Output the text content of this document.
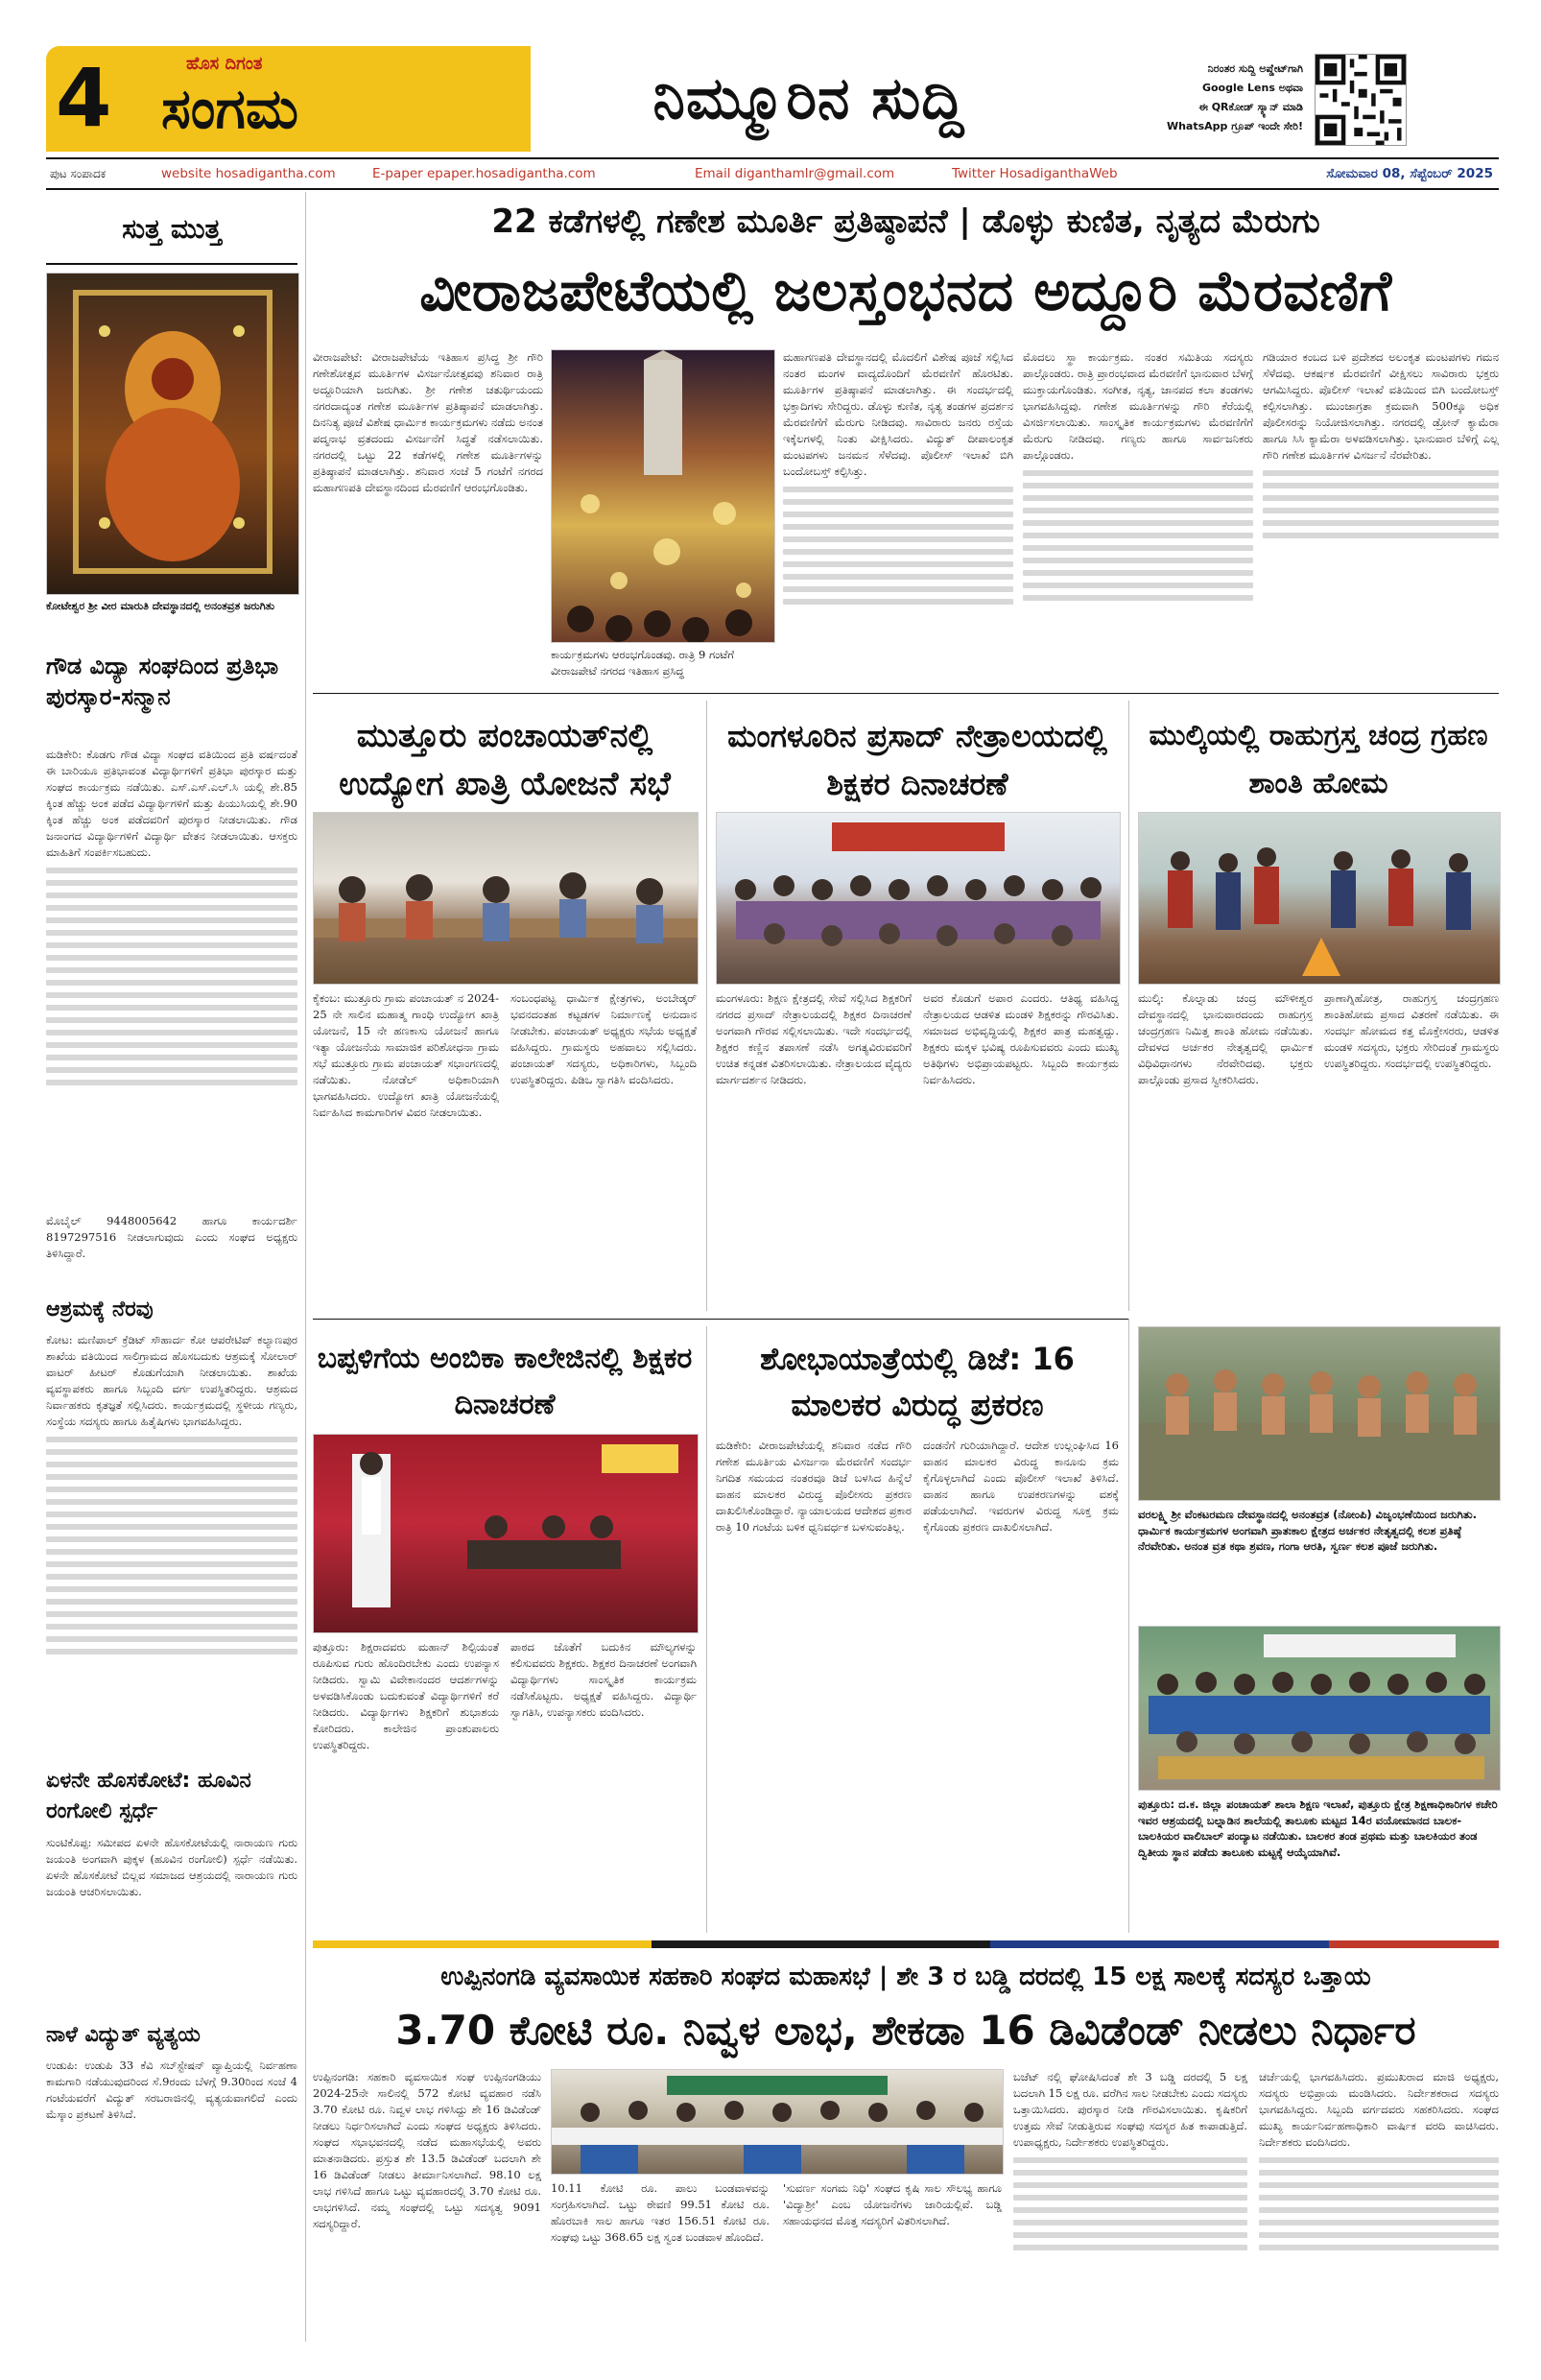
4	ಹೊಸ ದಿಗಂತ
ಸಂಗಮ	ನಿಮ್ಮೂರಿನ ಸುದ್ದಿ	ನಿರಂತರ ಸುದ್ದಿ ಅಪ್ಡೇಟ್‌ಗಾಗಿ
Google Lens ಅಥವಾ
ಈ QRಕೋಡ್ ಸ್ಕ್ಯಾನ್ ಮಾಡಿ
WhatsApp ಗ್ರೂಪ್ ಇಂದೇ ಸೇರಿ!
ಪುಟ ಸಂಪಾದಕ	website hosadigantha.com	E-paper epaper.hosadigantha.com	Email diganthamlr@gmail.com	Twitter HosadiganthaWeb	ಸೋಮವಾರ 08, ಸೆಪ್ಟೆಂಬರ್ 2025
ಸುತ್ತ ಮುತ್ತ
ಕೋಟೇಶ್ವರ ಶ್ರೀ ವೀರ ಮಾರುತಿ ದೇವಸ್ಥಾನದಲ್ಲಿ ಅನಂತವ್ರತ ಜರುಗಿತು
ಗೌಡ ವಿದ್ಯಾ ಸಂಘದಿಂದ ಪ್ರತಿಭಾ ಪುರಸ್ಕಾರ-ಸನ್ಮಾನ
ಮಡಿಕೇರಿ: ಕೊಡಗು ಗೌಡ ವಿದ್ಯಾ ಸಂಘದ ವತಿಯಿಂದ ಪ್ರತಿ ವರ್ಷದಂತೆ ಈ ಬಾರಿಯೂ ಪ್ರತಿಭಾವಂತ ವಿದ್ಯಾರ್ಥಿಗಳಿಗೆ ಪ್ರತಿಭಾ ಪುರಸ್ಕಾರ ಮತ್ತು ಸಂಘದ ಕಾರ್ಯಕ್ರಮ ನಡೆಯಿತು. ಎಸ್.ಎಸ್.ಎಲ್.ಸಿ ಯಲ್ಲಿ ಶೇ.85 ಕ್ಕಿಂತ ಹೆಚ್ಚು ಅಂಕ ಪಡೆದ ವಿದ್ಯಾರ್ಥಿಗಳಿಗೆ ಮತ್ತು ಪಿಯುಸಿಯಲ್ಲಿ ಶೇ.90 ಕ್ಕಿಂತ ಹೆಚ್ಚು ಅಂಕ ಪಡೆದವರಿಗೆ ಪುರಸ್ಕಾರ ನೀಡಲಾಯಿತು. ಗೌಡ ಜನಾಂಗದ ವಿದ್ಯಾರ್ಥಿಗಳಿಗೆ ವಿದ್ಯಾರ್ಥಿ ವೇತನ ನೀಡಲಾಯಿತು. ಆಸಕ್ತರು ಮಾಹಿತಿಗೆ ಸಂಪರ್ಕಿಸಬಹುದು.
ಮೊಬೈಲ್ 9448005642 ಹಾಗೂ ಕಾರ್ಯದರ್ಶಿ 8197297516 ನೀಡಲಾಗುವುದು ಎಂದು ಸಂಘದ ಅಧ್ಯಕ್ಷರು ತಿಳಿಸಿದ್ದಾರೆ.
ಆಶ್ರಮಕ್ಕೆ ನೆರವು
ಕೋಟ: ಮಣಿಪಾಲ್ ಕ್ರೆಡಿಟ್ ಸೌಹಾರ್ದ ಕೋ ಆಪರೇಟಿವ್ ಕಲ್ಯಾಣಪುರ ಶಾಖೆಯ ವತಿಯಿಂದ ಸಾಲಿಗ್ರಾಮದ ಹೊಸಬದುಕು ಆಶ್ರಮಕ್ಕೆ ಸೋಲಾರ್ ವಾಟರ್ ಹೀಟರ್ ಕೊಡುಗೆಯಾಗಿ ನೀಡಲಾಯಿತು. ಶಾಖೆಯ ವ್ಯವಸ್ಥಾಪಕರು ಹಾಗೂ ಸಿಬ್ಬಂದಿ ವರ್ಗ ಉಪಸ್ಥಿತರಿದ್ದರು. ಆಶ್ರಮದ ನಿರ್ವಾಹಕರು ಕೃತಜ್ಞತೆ ಸಲ್ಲಿಸಿದರು. ಕಾರ್ಯಕ್ರಮದಲ್ಲಿ ಸ್ಥಳೀಯ ಗಣ್ಯರು, ಸಂಸ್ಥೆಯ ಸದಸ್ಯರು ಹಾಗೂ ಹಿತೈಷಿಗಳು ಭಾಗವಹಿಸಿದ್ದರು.
ಏಳನೇ ಹೊಸಕೋಟೆ: ಹೂವಿನ ರಂಗೋಲಿ ಸ್ಪರ್ಧೆ
ಸುಂಟಿಕೊಪ್ಪ: ಸಮೀಪದ ಏಳನೇ ಹೊಸಕೋಟೆಯಲ್ಲಿ ನಾರಾಯಣ ಗುರು ಜಯಂತಿ ಅಂಗವಾಗಿ ಪುಕ್ಕಳ (ಹೂವಿನ ರಂಗೋಲಿ) ಸ್ಪರ್ಧೆ ನಡೆಯಿತು. ಏಳನೇ ಹೊಸಕೋಟೆ ಬಿಲ್ಲವ ಸಮಾಜದ ಆಶ್ರಯದಲ್ಲಿ ನಾರಾಯಣ ಗುರು ಜಯಂತಿ ಆಚರಿಸಲಾಯಿತು.
ನಾಳೆ ವಿದ್ಯುತ್ ವ್ಯತ್ಯಯ
ಉಡುಪಿ: ಉಡುಪಿ 33 ಕೆವಿ ಸಬ್‌ಸ್ಟೇಷನ್ ವ್ಯಾಪ್ತಿಯಲ್ಲಿ ನಿರ್ವಹಣಾ ಕಾಮಗಾರಿ ನಡೆಯುವುದರಿಂದ ಸೆ.9ರಂದು ಬೆಳಗ್ಗೆ 9.30ರಿಂದ ಸಂಜೆ 4 ಗಂಟೆಯವರೆಗೆ ವಿದ್ಯುತ್ ಸರಬರಾಜಿನಲ್ಲಿ ವ್ಯತ್ಯಯವಾಗಲಿದೆ ಎಂದು ಮೆಸ್ಕಾಂ ಪ್ರಕಟಣೆ ತಿಳಿಸಿದೆ.
22 ಕಡೆಗಳಲ್ಲಿ ಗಣೇಶ ಮೂರ್ತಿ ಪ್ರತಿಷ್ಠಾಪನೆ | ಡೊಳ್ಳು ಕುಣಿತ, ನೃತ್ಯದ ಮೆರುಗು
ವೀರಾಜಪೇಟೆಯಲ್ಲಿ ಜಲಸ್ತಂಭನದ ಅದ್ದೂರಿ ಮೆರವಣಿಗೆ
ವೀರಾಜಪೇಟೆ: ವೀರಾಜಪೇಟೆಯ ಇತಿಹಾಸ ಪ್ರಸಿದ್ಧ ಶ್ರೀ ಗೌರಿ ಗಣೇಶೋತ್ಸವ ಮೂರ್ತಿಗಳ ವಿಸರ್ಜನೋತ್ಸವವು ಶನಿವಾರ ರಾತ್ರಿ ಅದ್ದೂರಿಯಾಗಿ ಜರುಗಿತು. ಶ್ರೀ ಗಣೇಶ ಚತುರ್ಥಿಯಂದು ನಗರದಾದ್ಯಂತ ಗಣೇಶ ಮೂರ್ತಿಗಳ ಪ್ರತಿಷ್ಠಾಪನೆ ಮಾಡಲಾಗಿತ್ತು. ದಿನನಿತ್ಯ ಪೂಜೆ ವಿಶೇಷ ಧಾರ್ಮಿಕ ಕಾರ್ಯಕ್ರಮಗಳು ನಡೆದು ಅನಂತ ಪದ್ಮನಾಭ ವ್ರತದಂದು ವಿಸರ್ಜನೆಗೆ ಸಿದ್ಧತೆ ನಡೆಸಲಾಯಿತು. ನಗರದಲ್ಲಿ ಒಟ್ಟು 22 ಕಡೆಗಳಲ್ಲಿ ಗಣೇಶ ಮೂರ್ತಿಗಳನ್ನು ಪ್ರತಿಷ್ಠಾಪನೆ ಮಾಡಲಾಗಿತ್ತು. ಶನಿವಾರ ಸಂಜೆ 5 ಗಂಟೆಗೆ ನಗರದ ಮಹಾಗಣಪತಿ ದೇವಸ್ಥಾನದಿಂದ ಮೆರವಣಿಗೆ ಆರಂಭಗೊಂಡಿತು.
ಕಾರ್ಯಕ್ರಮಗಳು ಆರಂಭಗೊಂಡವು. ರಾತ್ರಿ 9 ಗಂಟೆಗೆ ವೀರಾಜಪೇಟೆ ನಗರದ ಇತಿಹಾಸ ಪ್ರಸಿದ್ಧ
ಮಹಾಗಣಪತಿ ದೇವಸ್ಥಾನದಲ್ಲಿ ಮೊದಲಿಗೆ ವಿಶೇಷ ಪೂಜೆ ಸಲ್ಲಿಸಿದ ನಂತರ ಮಂಗಳ ವಾದ್ಯದೊಂದಿಗೆ ಮೆರವಣಿಗೆ ಹೊರಟಿತು. ಮೂರ್ತಿಗಳ ಪ್ರತಿಷ್ಠಾಪನೆ ಮಾಡಲಾಗಿತ್ತು. ಈ ಸಂದರ್ಭದಲ್ಲಿ ಭಕ್ತಾದಿಗಳು ಸೇರಿದ್ದರು. ಡೊಳ್ಳು ಕುಣಿತ, ನೃತ್ಯ ತಂಡಗಳ ಪ್ರದರ್ಶನ ಮೆರವಣಿಗೆಗೆ ಮೆರುಗು ನೀಡಿದವು. ಸಾವಿರಾರು ಜನರು ರಸ್ತೆಯ ಇಕ್ಕೆಲಗಳಲ್ಲಿ ನಿಂತು ವೀಕ್ಷಿಸಿದರು. ವಿದ್ಯುತ್ ದೀಪಾಲಂಕೃತ ಮಂಟಪಗಳು ಜನಮನ ಸೆಳೆದವು. ಪೊಲೀಸ್ ಇಲಾಖೆ ಬಿಗಿ ಬಂದೋಬಸ್ತ್ ಕಲ್ಪಿಸಿತ್ತು.
ಮೊದಲು ಸ್ಥಾ ಕಾರ್ಯಕ್ರಮ. ನಂತರ ಸಮಿತಿಯ ಸದಸ್ಯರು ಪಾಲ್ಗೊಂಡರು. ರಾತ್ರಿ ಪ್ರಾರಂಭವಾದ ಮೆರವಣಿಗೆ ಭಾನುವಾರ ಬೆಳಗ್ಗೆ ಮುಕ್ತಾಯಗೊಂಡಿತು. ಸಂಗೀತ, ನೃತ್ಯ, ಜಾನಪದ ಕಲಾ ತಂಡಗಳು ಭಾಗವಹಿಸಿದ್ದವು. ಗಣೇಶ ಮೂರ್ತಿಗಳನ್ನು ಗೌರಿ ಕೆರೆಯಲ್ಲಿ ವಿಸರ್ಜಿಸಲಾಯಿತು. ಸಾಂಸ್ಕೃತಿಕ ಕಾರ್ಯಕ್ರಮಗಳು ಮೆರವಣಿಗೆಗೆ ಮೆರುಗು ನೀಡಿದವು. ಗಣ್ಯರು ಹಾಗೂ ಸಾರ್ವಜನಿಕರು ಪಾಲ್ಗೊಂಡರು.
ಗಡಿಯಾರ ಕಂಬದ ಬಳಿ ಪ್ರದೇಶದ ಅಲಂಕೃತ ಮಂಟಪಗಳು ಗಮನ ಸೆಳೆದವು. ಆಕರ್ಷಕ ಮೆರವಣಿಗೆ ವೀಕ್ಷಿಸಲು ಸಾವಿರಾರು ಭಕ್ತರು ಆಗಮಿಸಿದ್ದರು. ಪೊಲೀಸ್ ಇಲಾಖೆ ವತಿಯಿಂದ ಬಿಗಿ ಬಂದೋಬಸ್ತ್ ಕಲ್ಪಿಸಲಾಗಿತ್ತು. ಮುಂಜಾಗ್ರತಾ ಕ್ರಮವಾಗಿ 500ಕ್ಕೂ ಅಧಿಕ ಪೊಲೀಸರನ್ನು ನಿಯೋಜಿಸಲಾಗಿತ್ತು. ನಗರದಲ್ಲಿ ಡ್ರೋನ್ ಕ್ಯಾಮೆರಾ ಹಾಗೂ ಸಿಸಿ ಕ್ಯಾಮೆರಾ ಅಳವಡಿಸಲಾಗಿತ್ತು. ಭಾನುವಾರ ಬೆಳಿಗ್ಗೆ ಎಲ್ಲ ಗೌರಿ ಗಣೇಶ ಮೂರ್ತಿಗಳ ವಿಸರ್ಜನೆ ನೆರವೇರಿತು.
ಮುತ್ತೂರು ಪಂಚಾಯತ್‌ನಲ್ಲಿ ಉದ್ಯೋಗ ಖಾತ್ರಿ ಯೋಜನೆ ಸಭೆ
ಕೈಕಂಬ: ಮುತ್ತೂರು ಗ್ರಾಮ ಪಂಚಾಯತ್ ನ 2024-25 ನೇ ಸಾಲಿನ ಮಹಾತ್ಮ ಗಾಂಧಿ ಉದ್ಯೋಗ ಖಾತ್ರಿ ಯೋಜನೆ, 15 ನೇ ಹಣಕಾಸು ಯೋಜನೆ ಹಾಗೂ ಇತ್ಯಾ ಯೋಜನೆಯ ಸಾಮಾಜಿಕ ಪರಿಶೋಧನಾ ಗ್ರಾಮ ಸಭೆ ಮುತ್ತೂರು ಗ್ರಾಮ ಪಂಚಾಯತ್ ಸಭಾಂಗಣದಲ್ಲಿ ನಡೆಯಿತು. ನೋಡೆಲ್ ಅಧಿಕಾರಿಯಾಗಿ ಭಾಗವಹಿಸಿದರು. ಉದ್ಯೋಗ ಖಾತ್ರಿ ಯೋಜನೆಯಲ್ಲಿ ನಿರ್ವಹಿಸಿದ ಕಾಮಗಾರಿಗಳ ವಿವರ ನೀಡಲಾಯಿತು.
ಸಂಬಂಧಪಟ್ಟ ಧಾರ್ಮಿಕ ಕ್ಷೇತ್ರಗಳು, ಅಂಬೇಡ್ಕರ್ ಭವನದಂತಹ ಕಟ್ಟಡಗಳ ನಿರ್ಮಾಣಕ್ಕೆ ಅನುದಾನ ನೀಡಬೇಕು. ಪಂಚಾಯತ್ ಅಧ್ಯಕ್ಷರು ಸಭೆಯ ಅಧ್ಯಕ್ಷತೆ ವಹಿಸಿದ್ದರು. ಗ್ರಾಮಸ್ಥರು ಅಹವಾಲು ಸಲ್ಲಿಸಿದರು. ಪಂಚಾಯತ್ ಸದಸ್ಯರು, ಅಧಿಕಾರಿಗಳು, ಸಿಬ್ಬಂದಿ ಉಪಸ್ಥಿತರಿದ್ದರು. ಪಿಡಿಒ ಸ್ವಾಗತಿಸಿ ವಂದಿಸಿದರು.
ಮಂಗಳೂರಿನ ಪ್ರಸಾದ್ ನೇತ್ರಾಲಯದಲ್ಲಿ ಶಿಕ್ಷಕರ ದಿನಾಚರಣೆ
ಮಂಗಳೂರು: ಶಿಕ್ಷಣ ಕ್ಷೇತ್ರದಲ್ಲಿ ಸೇವೆ ಸಲ್ಲಿಸಿದ ಶಿಕ್ಷಕರಿಗೆ ನಗರದ ಪ್ರಸಾದ್ ನೇತ್ರಾಲಯದಲ್ಲಿ ಶಿಕ್ಷಕರ ದಿನಾಚರಣೆ ಅಂಗವಾಗಿ ಗೌರವ ಸಲ್ಲಿಸಲಾಯಿತು. ಇದೇ ಸಂದರ್ಭದಲ್ಲಿ ಶಿಕ್ಷಕರ ಕಣ್ಣಿನ ತಪಾಸಣೆ ನಡೆಸಿ ಅಗತ್ಯವಿರುವವರಿಗೆ ಉಚಿತ ಕನ್ನಡಕ ವಿತರಿಸಲಾಯಿತು. ನೇತ್ರಾಲಯದ ವೈದ್ಯರು ಮಾರ್ಗದರ್ಶನ ನೀಡಿದರು.
ಅವರ ಕೊಡುಗೆ ಅಪಾರ ಎಂದರು. ಆತಿಥ್ಯ ವಹಿಸಿದ್ದ ನೇತ್ರಾಲಯದ ಆಡಳಿತ ಮಂಡಳಿ ಶಿಕ್ಷಕರನ್ನು ಗೌರವಿಸಿತು. ಸಮಾಜದ ಅಭಿವೃದ್ಧಿಯಲ್ಲಿ ಶಿಕ್ಷಕರ ಪಾತ್ರ ಮಹತ್ವದ್ದು. ಶಿಕ್ಷಕರು ಮಕ್ಕಳ ಭವಿಷ್ಯ ರೂಪಿಸುವವರು ಎಂದು ಮುಖ್ಯ ಅತಿಥಿಗಳು ಅಭಿಪ್ರಾಯಪಟ್ಟರು. ಸಿಬ್ಬಂದಿ ಕಾರ್ಯಕ್ರಮ ನಿರ್ವಹಿಸಿದರು.
ಮುಲ್ಕಿಯಲ್ಲಿ ರಾಹುಗ್ರಸ್ತ ಚಂದ್ರ ಗ್ರಹಣ ಶಾಂತಿ ಹೋಮ
ಮುಲ್ಕಿ: ಕೊಲ್ನಾಡು ಚಂದ್ರ ಮೌಳೀಶ್ವರ ದೇವಸ್ಥಾನದಲ್ಲಿ ಭಾನುವಾರದಂದು ರಾಹುಗ್ರಸ್ತ ಚಂದ್ರಗ್ರಹಣ ನಿಮಿತ್ತ ಶಾಂತಿ ಹೋಮ ನಡೆಯಿತು. ದೇವಳದ ಅರ್ಚಕರ ನೇತೃತ್ವದಲ್ಲಿ ಧಾರ್ಮಿಕ ವಿಧಿವಿಧಾನಗಳು ನೆರವೇರಿದವು. ಭಕ್ತರು ಪಾಲ್ಗೊಂಡು ಪ್ರಸಾದ ಸ್ವೀಕರಿಸಿದರು.
ಪ್ರಾಣಾಗ್ನಿಹೋತ್ರ, ರಾಹುಗ್ರಸ್ತ ಚಂದ್ರಗ್ರಹಣ ಶಾಂತಿಹೋಮ ಪ್ರಸಾದ ವಿತರಣೆ ನಡೆಯಿತು. ಈ ಸಂದರ್ಭ ಹೋಮದ ಕತ್ತ ಮೊಕ್ತೇಸರರು, ಆಡಳಿತ ಮಂಡಳಿ ಸದಸ್ಯರು, ಭಕ್ತರು ಸೇರಿದಂತೆ ಗ್ರಾಮಸ್ಥರು ಉಪಸ್ಥಿತರಿದ್ದರು. ಸಂದರ್ಭದಲ್ಲಿ ಉಪಸ್ಥಿತರಿದ್ದರು.
ಬಪ್ಪಳಿಗೆಯ ಅಂಬಿಕಾ ಕಾಲೇಜಿನಲ್ಲಿ ಶಿಕ್ಷಕರ ದಿನಾಚರಣೆ
ಪುತ್ತೂರು: ಶಿಕ್ಷರಾದವರು ಮಹಾನ್ ಶಿಲ್ಪಿಯಂತೆ ರೂಪಿಸುವ ಗುರು ಹೊಂದಿರಬೇಕು ಎಂದು ಉಪನ್ಯಾಸ ನೀಡಿದರು. ಸ್ವಾಮಿ ವಿವೇಕಾನಂದರ ಆದರ್ಶಗಳನ್ನು ಅಳವಡಿಸಿಕೊಂಡು ಬದುಕುವಂತೆ ವಿದ್ಯಾರ್ಥಿಗಳಿಗೆ ಕರೆ ನೀಡಿದರು. ವಿದ್ಯಾರ್ಥಿಗಳು ಶಿಕ್ಷಕರಿಗೆ ಶುಭಾಶಯ ಕೋರಿದರು. ಕಾಲೇಜಿನ ಪ್ರಾಂಶುಪಾಲರು ಉಪಸ್ಥಿತರಿದ್ದರು.
ಪಾಠದ ಜೊತೆಗೆ ಬದುಕಿನ ಮೌಲ್ಯಗಳನ್ನು ಕಲಿಸುವವರು ಶಿಕ್ಷಕರು. ಶಿಕ್ಷಕರ ದಿನಾಚರಣೆ ಅಂಗವಾಗಿ ವಿದ್ಯಾರ್ಥಿಗಳು ಸಾಂಸ್ಕೃತಿಕ ಕಾರ್ಯಕ್ರಮ ನಡೆಸಿಕೊಟ್ಟರು. ಅಧ್ಯಕ್ಷತೆ ವಹಿಸಿದ್ದರು. ವಿದ್ಯಾರ್ಥಿ ಸ್ವಾಗತಿಸಿ, ಉಪನ್ಯಾಸಕರು ವಂದಿಸಿದರು.
ಶೋಭಾಯಾತ್ರೆಯಲ್ಲಿ ಡಿಜೆ: 16 ಮಾಲಕರ ವಿರುದ್ಧ ಪ್ರಕರಣ
ಮಡಿಕೇರಿ: ವೀರಾಜಪೇಟೆಯಲ್ಲಿ ಶನಿವಾರ ನಡೆದ ಗೌರಿ ಗಣೇಶ ಮೂರ್ತಿಯ ವಿಸರ್ಜನಾ ಮೆರವಣಿಗೆ ಸಂದರ್ಭ ನಿಗದಿತ ಸಮಯದ ನಂತರವೂ ಡಿಜೆ ಬಳಸಿದ ಹಿನ್ನೆಲೆ ವಾಹನ ಮಾಲಕರ ವಿರುದ್ಧ ಪೊಲೀಸರು ಪ್ರಕರಣ ದಾಖಲಿಸಿಕೊಂಡಿದ್ದಾರೆ. ನ್ಯಾಯಾಲಯದ ಆದೇಶದ ಪ್ರಕಾರ ರಾತ್ರಿ 10 ಗಂಟೆಯ ಬಳಿಕ ಧ್ವನಿವರ್ಧಕ ಬಳಸುವಂತಿಲ್ಲ.
ದಂಡನೆಗೆ ಗುರಿಯಾಗಿದ್ದಾರೆ. ಆದೇಶ ಉಲ್ಲಂಘಿಸಿದ 16 ವಾಹನ ಮಾಲಕರ ವಿರುದ್ಧ ಕಾನೂನು ಕ್ರಮ ಕೈಗೊಳ್ಳಲಾಗಿದೆ ಎಂದು ಪೊಲೀಸ್ ಇಲಾಖೆ ತಿಳಿಸಿದೆ. ವಾಹನ ಹಾಗೂ ಉಪಕರಣಗಳನ್ನು ವಶಕ್ಕೆ ಪಡೆಯಲಾಗಿದೆ. ಇವರುಗಳ ವಿರುದ್ಧ ಸೂಕ್ತ ಕ್ರಮ ಕೈಗೊಂಡು ಪ್ರಕರಣ ದಾಖಲಿಸಲಾಗಿದೆ.
ವರಲಕ್ಷ್ಮಿ ಶ್ರೀ ವೆಂಕಟರಮಣ ದೇವಸ್ಥಾನದಲ್ಲಿ ಅನಂತವ್ರತ (ನೋಂಪಿ) ವಿಜೃಂಭಣೆಯಿಂದ ಜರುಗಿತು. ಧಾರ್ಮಿಕ ಕಾರ್ಯಕ್ರಮಗಳ ಅಂಗವಾಗಿ ಪ್ರಾತಃಕಾಲ ಕ್ಷೇತ್ರದ ಅರ್ಚಕರ ನೇತೃತ್ವದಲ್ಲಿ ಕಲಶ ಪ್ರತಿಷ್ಠೆ ನೆರವೇರಿತು. ಅನಂತ ವ್ರತ ಕಥಾ ಶ್ರವಣ, ಗಂಗಾ ಆರತಿ, ಸ್ವರ್ಣ ಕಲಶ ಪೂಜೆ ಜರುಗಿತು.
ಪುತ್ತೂರು: ದ.ಕ. ಜಿಲ್ಲಾ ಪಂಚಾಯತ್ ಶಾಲಾ ಶಿಕ್ಷಣ ಇಲಾಖೆ, ಪುತ್ತೂರು ಕ್ಷೇತ್ರ ಶಿಕ್ಷಣಾಧಿಕಾರಿಗಳ ಕಚೇರಿ ಇವರ ಆಶ್ರಯದಲ್ಲಿ ಬಲ್ನಾಡಿನ ಶಾಲೆಯಲ್ಲಿ ತಾಲೂಕು ಮಟ್ಟದ 14ರ ವಯೋಮಾನದ ಬಾಲಕ-ಬಾಲಕಿಯರ ವಾಲಿಬಾಲ್ ಪಂದ್ಯಾಟ ನಡೆಯಿತು. ಬಾಲಕರ ತಂಡ ಪ್ರಥಮ ಮತ್ತು ಬಾಲಕಿಯರ ತಂಡ ದ್ವಿತೀಯ ಸ್ಥಾನ ಪಡೆದು ತಾಲೂಕು ಮಟ್ಟಕ್ಕೆ ಆಯ್ಕೆಯಾಗಿವೆ.
ಉಪ್ಪಿನಂಗಡಿ ವ್ಯವಸಾಯಿಕ ಸಹಕಾರಿ ಸಂಘದ ಮಹಾಸಭೆ | ಶೇ 3 ರ ಬಡ್ಡಿ ದರದಲ್ಲಿ 15 ಲಕ್ಷ ಸಾಲಕ್ಕೆ ಸದಸ್ಯರ ಒತ್ತಾಯ
3.70 ಕೋಟಿ ರೂ. ನಿವ್ವಳ ಲಾಭ, ಶೇಕಡಾ 16 ಡಿವಿಡೆಂಡ್ ನೀಡಲು ನಿರ್ಧಾರ
ಉಪ್ಪಿನಂಗಡಿ: ಸಹಕಾರಿ ವ್ಯವಸಾಯಿಕ ಸಂಘ ಉಪ್ಪಿನಂಗಡಿಯು 2024-25ನೇ ಸಾಲಿನಲ್ಲಿ 572 ಕೋಟಿ ವ್ಯವಹಾರ ನಡೆಸಿ 3.70 ಕೋಟಿ ರೂ. ನಿವ್ವಳ ಲಾಭ ಗಳಿಸಿದ್ದು ಶೇ 16 ಡಿವಿಡೆಂಡ್ ನೀಡಲು ನಿರ್ಧರಿಸಲಾಗಿದೆ ಎಂದು ಸಂಘದ ಅಧ್ಯಕ್ಷರು ತಿಳಿಸಿದರು. ಸಂಘದ ಸಭಾಭವನದಲ್ಲಿ ನಡೆದ ಮಹಾಸಭೆಯಲ್ಲಿ ಅವರು ಮಾತನಾಡಿದರು. ಪ್ರಸ್ತುತ ಶೇ 13.5 ಡಿವಿಡೆಂಡ್ ಬದಲಾಗಿ ಶೇ 16 ಡಿವಿಡೆಂಡ್ ನೀಡಲು ತೀರ್ಮಾನಿಸಲಾಗಿದೆ. 98.10 ಲಕ್ಷ ಲಾಭ ಗಳಿಸಿದೆ ಹಾಗೂ ಒಟ್ಟು ವ್ಯವಹಾರದಲ್ಲಿ 3.70 ಕೋಟಿ ರೂ. ಲಾಭಗಳಿಸಿದೆ. ನಮ್ಮ ಸಂಘದಲ್ಲಿ ಒಟ್ಟು ಸದಸ್ಯತ್ವ 9091 ಸದಸ್ಯರಿದ್ದಾರೆ.
10.11 ಕೋಟಿ ರೂ. ಪಾಲು ಬಂಡವಾಳವನ್ನು ಸಂಗ್ರಹಿಸಲಾಗಿದೆ. ಒಟ್ಟು ಠೇವಣಿ 99.51 ಕೋಟಿ ರೂ. ಹೊರಬಾಕಿ ಸಾಲ ಹಾಗೂ ಇತರ 156.51 ಕೋಟಿ ರೂ. ಸಂಘವು ಒಟ್ಟು 368.65 ಲಕ್ಷ ಸ್ವಂತ ಬಂಡವಾಳ ಹೊಂದಿದೆ.
'ಸುವರ್ಣ ಸಂಗಮ ನಿಧಿ' ಸಂಘದ ಕೃಷಿ ಸಾಲ ಸೌಲಭ್ಯ ಹಾಗೂ 'ವಿದ್ಯಾಶ್ರೀ' ಎಂಬ ಯೋಜನೆಗಳು ಜಾರಿಯಲ್ಲಿವೆ. ಬಡ್ಡಿ ಸಹಾಯಧನದ ಮೊತ್ತ ಸದಸ್ಯರಿಗೆ ವಿತರಿಸಲಾಗಿದೆ.
ಬಜೆಟ್ ನಲ್ಲಿ ಘೋಷಿಸಿದಂತೆ ಶೇ 3 ಬಡ್ಡಿ ದರದಲ್ಲಿ 5 ಲಕ್ಷ ಬದಲಾಗಿ 15 ಲಕ್ಷ ರೂ. ವರೆಗಿನ ಸಾಲ ನೀಡಬೇಕು ಎಂದು ಸದಸ್ಯರು ಒತ್ತಾಯಿಸಿದರು. ಪುರಸ್ಕಾರ ನೀಡಿ ಗೌರವಿಸಲಾಯಿತು. ಕೃಷಿಕರಿಗೆ ಉತ್ತಮ ಸೇವೆ ನೀಡುತ್ತಿರುವ ಸಂಘವು ಸದಸ್ಯರ ಹಿತ ಕಾಪಾಡುತ್ತಿದೆ. ಉಪಾಧ್ಯಕ್ಷರು, ನಿರ್ದೇಶಕರು ಉಪಸ್ಥಿತರಿದ್ದರು.
ಚರ್ಚೆಯಲ್ಲಿ ಭಾಗವಹಿಸಿದರು. ಪ್ರಮುಖರಾದ ಮಾಜಿ ಅಧ್ಯಕ್ಷರು, ಸದಸ್ಯರು ಅಭಿಪ್ರಾಯ ಮಂಡಿಸಿದರು. ನಿರ್ದೇಶಕರಾದ ಸದಸ್ಯರು ಭಾಗವಹಿಸಿದ್ದರು. ಸಿಬ್ಬಂದಿ ವರ್ಗದವರು ಸಹಕರಿಸಿದರು. ಸಂಘದ ಮುಖ್ಯ ಕಾರ್ಯನಿರ್ವಹಣಾಧಿಕಾರಿ ವಾರ್ಷಿಕ ವರದಿ ವಾಚಿಸಿದರು. ನಿರ್ದೇಶಕರು ವಂದಿಸಿದರು.
